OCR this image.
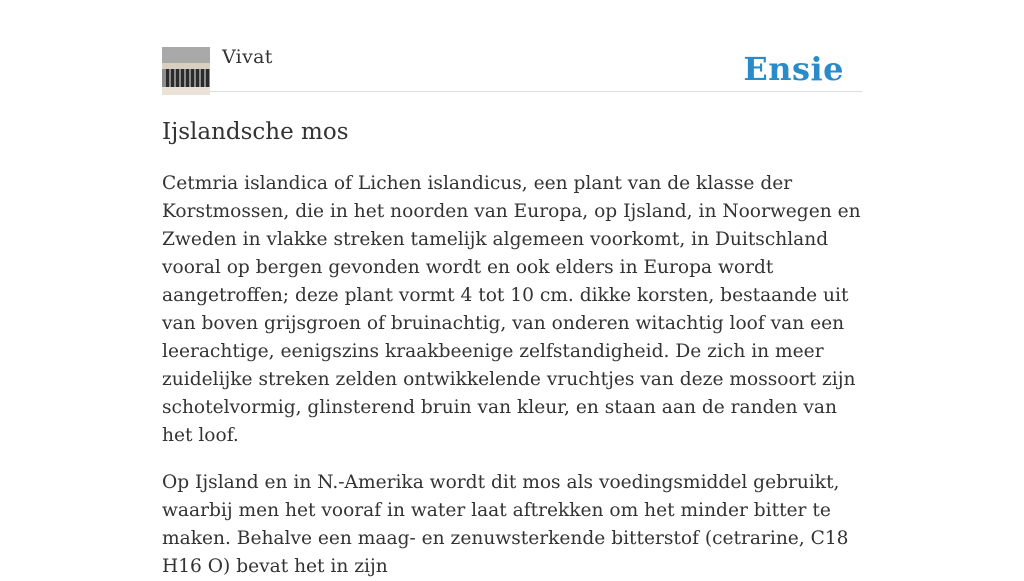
Vivat	Ensie
Ijslandsche mos

Cetmria islandica of Lichen islandicus, een plant van de klasse der Korstmossen, die in het noorden van Europa, op Ijsland, in Noorwegen en Zweden in vlakke streken tamelijk algemeen voorkomt, in Duitschland vooral op bergen gevonden wordt en ook elders in Europa wordt aangetroffen; deze plant vormt 4 tot 10 cm. dikke korsten, bestaande uit van boven grijsgroen of bruinachtig, van onderen witachtig loof van een leerachtige, eenigszins kraakbeenige zelfstandigheid. De zich in meer zuidelijke streken zelden ontwikkelende vruchtjes van deze mossoort zijn schotelvormig, glinsterend bruin van kleur, en staan aan de randen van het loof.

Op Ijsland en in N.-Amerika wordt dit mos als voedingsmiddel gebruikt, waarbij men het vooraf in water laat aftrekken om het minder bitter te maken. Behalve een maag- en zenuwsterkende bitterstof (cetrarine, C18 H16 O) bevat het in zijn
